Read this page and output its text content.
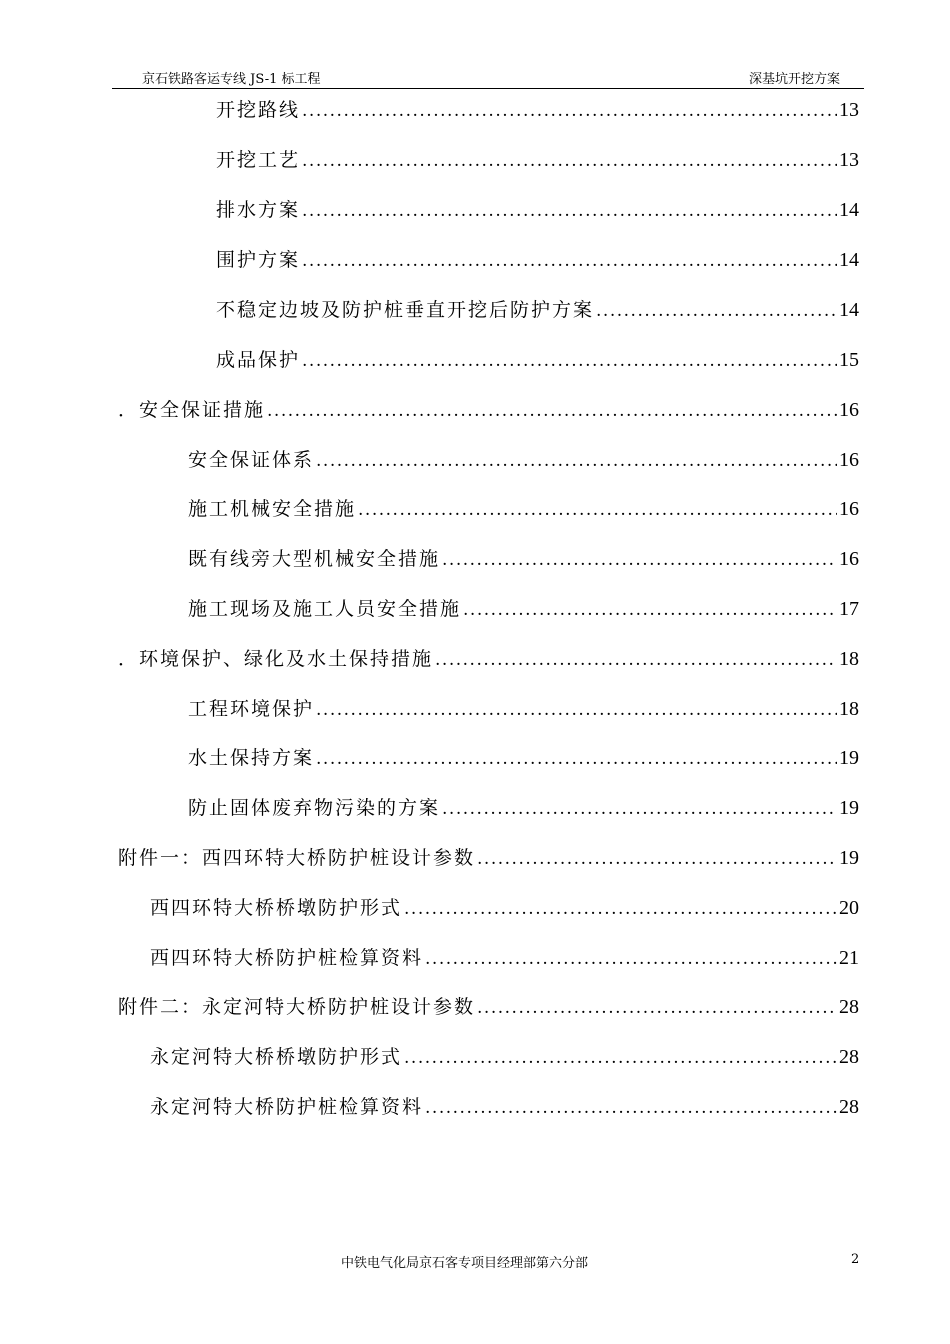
京石铁路客运专线 JS-1 标工程	深基坑开挖方案
开挖路线 .....	13
开挖工艺 .....	13
排水方案 .....	14
围护方案 .....	14
不稳定边坡及防护桩垂直开挖后防护方案 .....	14
成品保护 .....	15
．安全保证措施 .....	16
安全保证体系 .....	16
施工机械安全措施 .....	16
既有线旁大型机械安全措施 .....	16
施工现场及施工人员安全措施 .....	17
．环境保护、绿化及水土保持措施 .....	18
工程环境保护 .....	18
水土保持方案 .....	19
防止固体废弃物污染的方案 .....	19
附件一：西四环特大桥防护桩设计参数 .....	19
西四环特大桥桥墩防护形式 .....	20
西四环特大桥防护桩检算资料 .....	21
附件二：永定河特大桥防护桩设计参数 .....	28
永定河特大桥桥墩防护形式 .....	28
永定河特大桥防护桩检算资料 .....	28
中铁电气化局京石客专项目经理部第六分部	2
